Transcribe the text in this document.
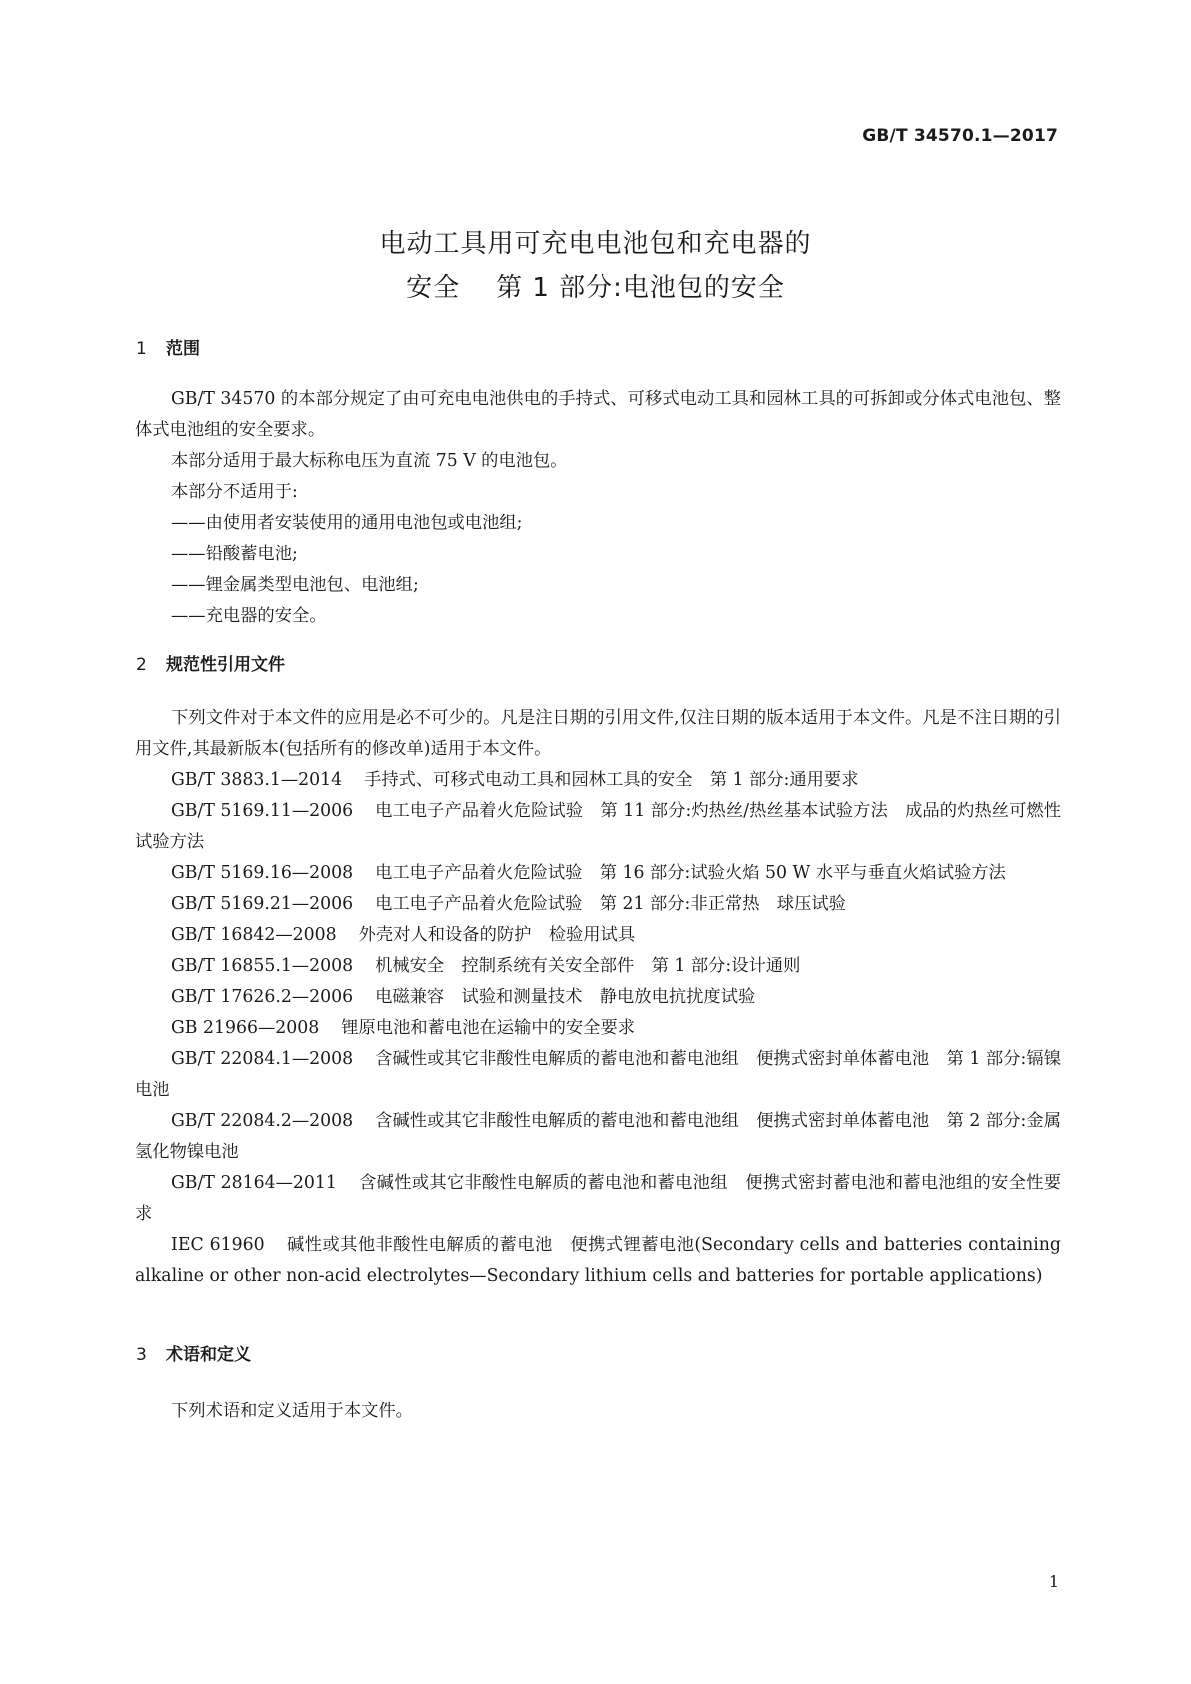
GB/T 34570.1—2017
电动工具用可充电电池包和充电器的
安全 第 1 部分:电池包的安全
1 范围

GB/T 34570 的本部分规定了由可充电电池供电的手持式、可移式电动工具和园林工具的可拆卸或分体式电池包、整体式电池组的安全要求。

本部分适用于最大标称电压为直流 75 V 的电池包。

本部分不适用于:

——由使用者安装使用的通用电池包或电池组;

——铅酸蓄电池;

——锂金属类型电池包、电池组;

——充电器的安全。

2 规范性引用文件

下列文件对于本文件的应用是必不可少的。凡是注日期的引用文件,仅注日期的版本适用于本文件。凡是不注日期的引用文件,其最新版本(包括所有的修改单)适用于本文件。

GB/T 3883.1—2014 手持式、可移式电动工具和园林工具的安全　第 1 部分:通用要求

GB/T 5169.11—2006 电工电子产品着火危险试验　第 11 部分:灼热丝/热丝基本试验方法　成品的灼热丝可燃性试验方法

GB/T 5169.16—2008 电工电子产品着火危险试验　第 16 部分:试验火焰 50 W 水平与垂直火焰试验方法

GB/T 5169.21—2006 电工电子产品着火危险试验　第 21 部分:非正常热　球压试验

GB/T 16842—2008 外壳对人和设备的防护　检验用试具

GB/T 16855.1—2008 机械安全　控制系统有关安全部件　第 1 部分:设计通则

GB/T 17626.2—2006 电磁兼容　试验和测量技术　静电放电抗扰度试验

GB 21966—2008 锂原电池和蓄电池在运输中的安全要求

GB/T 22084.1—2008 含碱性或其它非酸性电解质的蓄电池和蓄电池组　便携式密封单体蓄电池　第 1 部分:镉镍电池

GB/T 22084.2—2008 含碱性或其它非酸性电解质的蓄电池和蓄电池组　便携式密封单体蓄电池　第 2 部分:金属氢化物镍电池

GB/T 28164—2011 含碱性或其它非酸性电解质的蓄电池和蓄电池组　便携式密封蓄电池和蓄电池组的安全性要求

IEC 61960 碱性或其他非酸性电解质的蓄电池　便携式锂蓄电池(Secondary cells and batteries containing alkaline or other non-acid electrolytes—Secondary lithium cells and batteries for portable applications)

3 术语和定义

下列术语和定义适用于本文件。

1
